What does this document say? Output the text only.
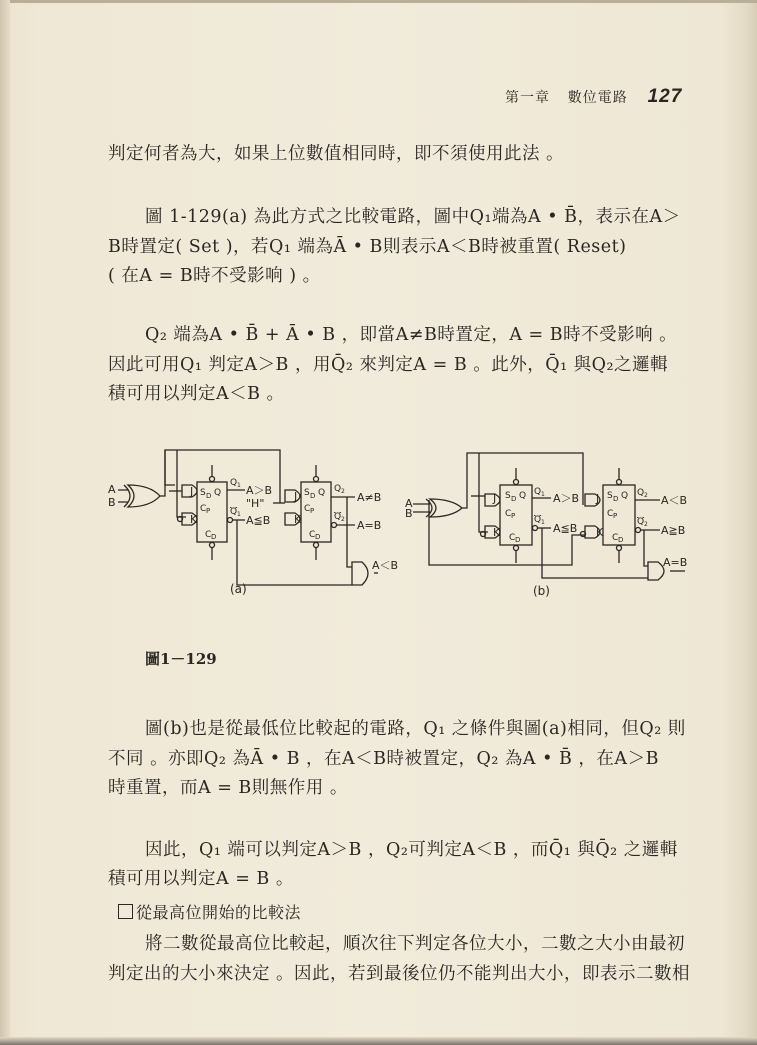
第一章 數位電路 127
判定何者為大，如果上位數值相同時，即不須使用此法 。
圖 1-129(a) 為此方式之比較電路，圖中Q₁端為A • B̄，表示在A＞
B時置定( Set )，若Q₁ 端為Ā • B則表示A＜B時被重置( Reset)
( 在A = B時不受影响 ) 。
Q₂ 端為A • B̄ + Ā • B ，即當A≠B時置定，A = B時不受影响 。
因此可用Q₁ 判定A＞B ，用Q̄₂ 來判定A = B 。此外，Q̄₁ 與Q₂之邏輯
積可用以判定A＜B 。
A
B
J
K
S D Q
C P
C D
Q 1
Q 1
A＞B
"H"
A≦B
J
K
S D Q
C P
C D
Q 2
Q 2
A≠B
A=B
A＜B
(a)
A
B
J
K
S D Q
C P
C D
Q 1
Q 1
A＞B
A≦B
J
K
S D Q
C P
C D
Q 2
Q 2
A＜B
A≧B
A=B
(b)
圖1－129
圖(b)也是從最低位比較起的電路，Q₁ 之條件與圖(a)相同，但Q₂ 則
不同 。亦即Q₂ 為Ā • B ，在A＜B時被置定，Q₂ 為A • B̄ ，在A＞B
時重置，而A = B則無作用 。
因此，Q₁ 端可以判定A＞B ，Q₂可判定A＜B ，而Q̄₁ 與Q̄₂ 之邏輯
積可用以判定A = B 。
從最高位開始的比較法
將二數從最高位比較起，順次往下判定各位大小，二數之大小由最初
判定出的大小來決定 。因此，若到最後位仍不能判出大小，即表示二數相
